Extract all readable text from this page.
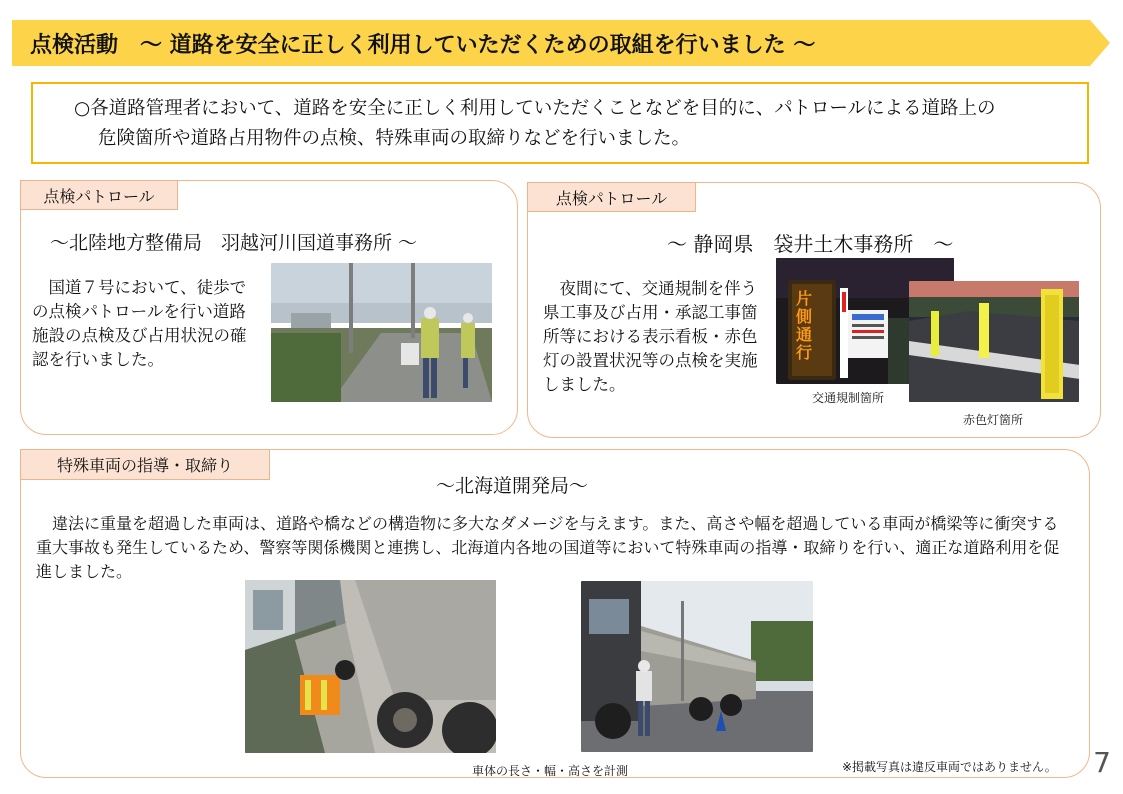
点検活動　～ 道路を安全に正しく利用していただくための取組を行いました ～
○各道路管理者において、道路を安全に正しく利用していただくことなどを目的に、パトロールによる道路上の
危険箇所や道路占用物件の点検、特殊車両の取締りなどを行いました。
点検パトロール
～北陸地方整備局　羽越河川国道事務所 ～
　国道７号において、徒歩での点検パトロールを行い道路施設の点検及び占用状況の確認を行いました。
点検パトロール
～ 静岡県　袋井土木事務所　～
　夜間にて、交通規制を伴う県工事及び占用・承認工事箇所等における表示看板・赤色灯の設置状況等の点検を実施しました。
片側通行
交通規制箇所
赤色灯箇所
特殊車両の指導・取締り
～北海道開発局～
　違法に重量を超過した車両は、道路や橋などの構造物に多大なダメージを与えます。また、高さや幅を超過している車両が橋梁等に衝突する重大事故も発生しているため、警察等関係機関と連携し、北海道内各地の国道等において特殊車両の指導・取締りを行い、適正な道路利用を促進しました。
車体の長さ・幅・高さを計測	※掲載写真は違反車両ではありません。 7
